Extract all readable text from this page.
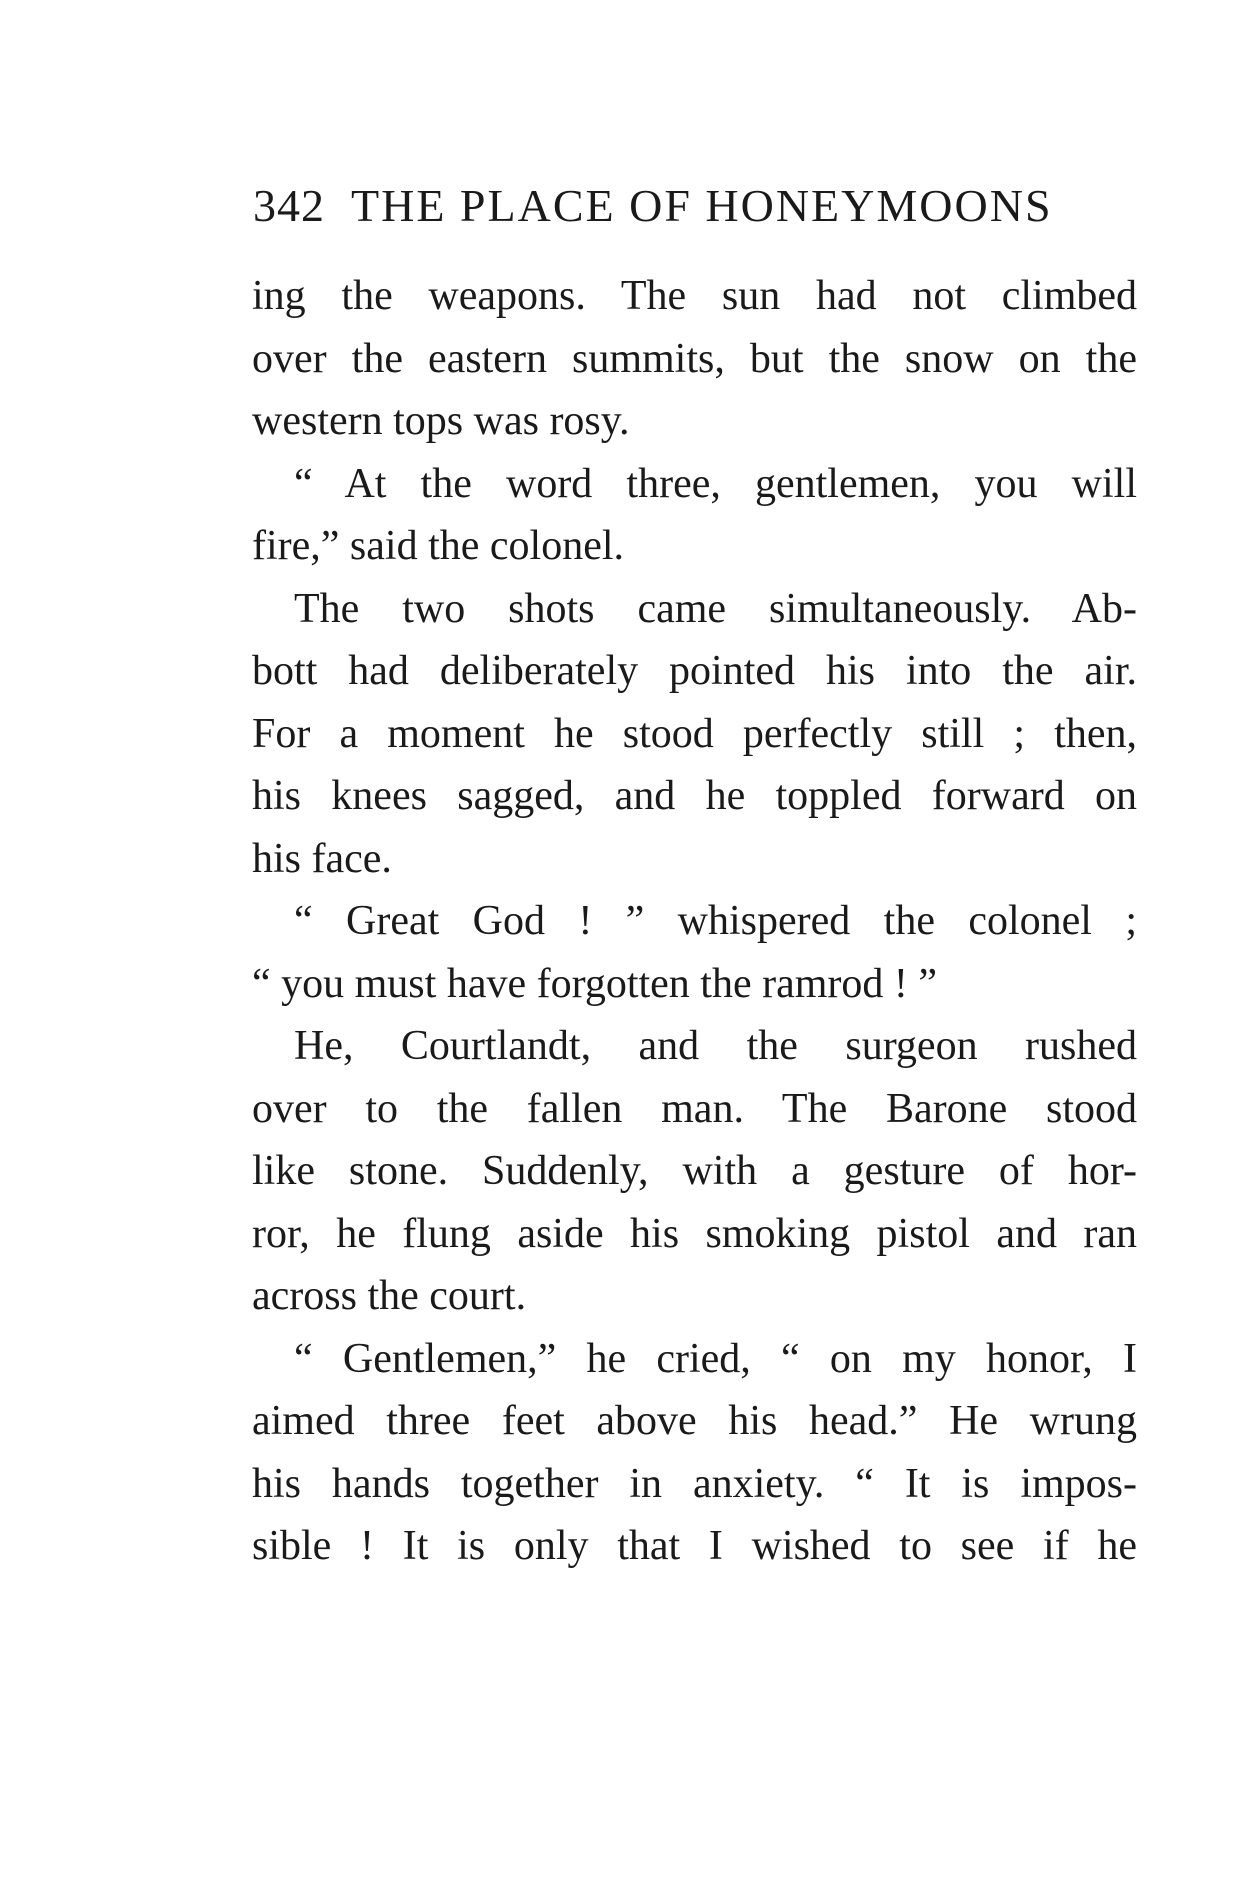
342 THE PLACE OF HONEYMOONS
ing the weapons. The sun had not climbed
over the eastern summits, but the snow on the
western tops was rosy.
“ At the word three, gentlemen, you will
fire,” said the colonel.
The two shots came simultaneously. Ab-
bott had deliberately pointed his into the air.
For a moment he stood perfectly still ; then,
his knees sagged, and he toppled forward on
his face.
“ Great God ! ” whispered the colonel ;
“ you must have forgotten the ramrod ! ”
He, Courtlandt, and the surgeon rushed
over to the fallen man. The Barone stood
like stone. Suddenly, with a gesture of hor-
ror, he flung aside his smoking pistol and ran
across the court.
“ Gentlemen,” he cried, “ on my honor, I
aimed three feet above his head.” He wrung
his hands together in anxiety. “ It is impos-
sible ! It is only that I wished to see if he
